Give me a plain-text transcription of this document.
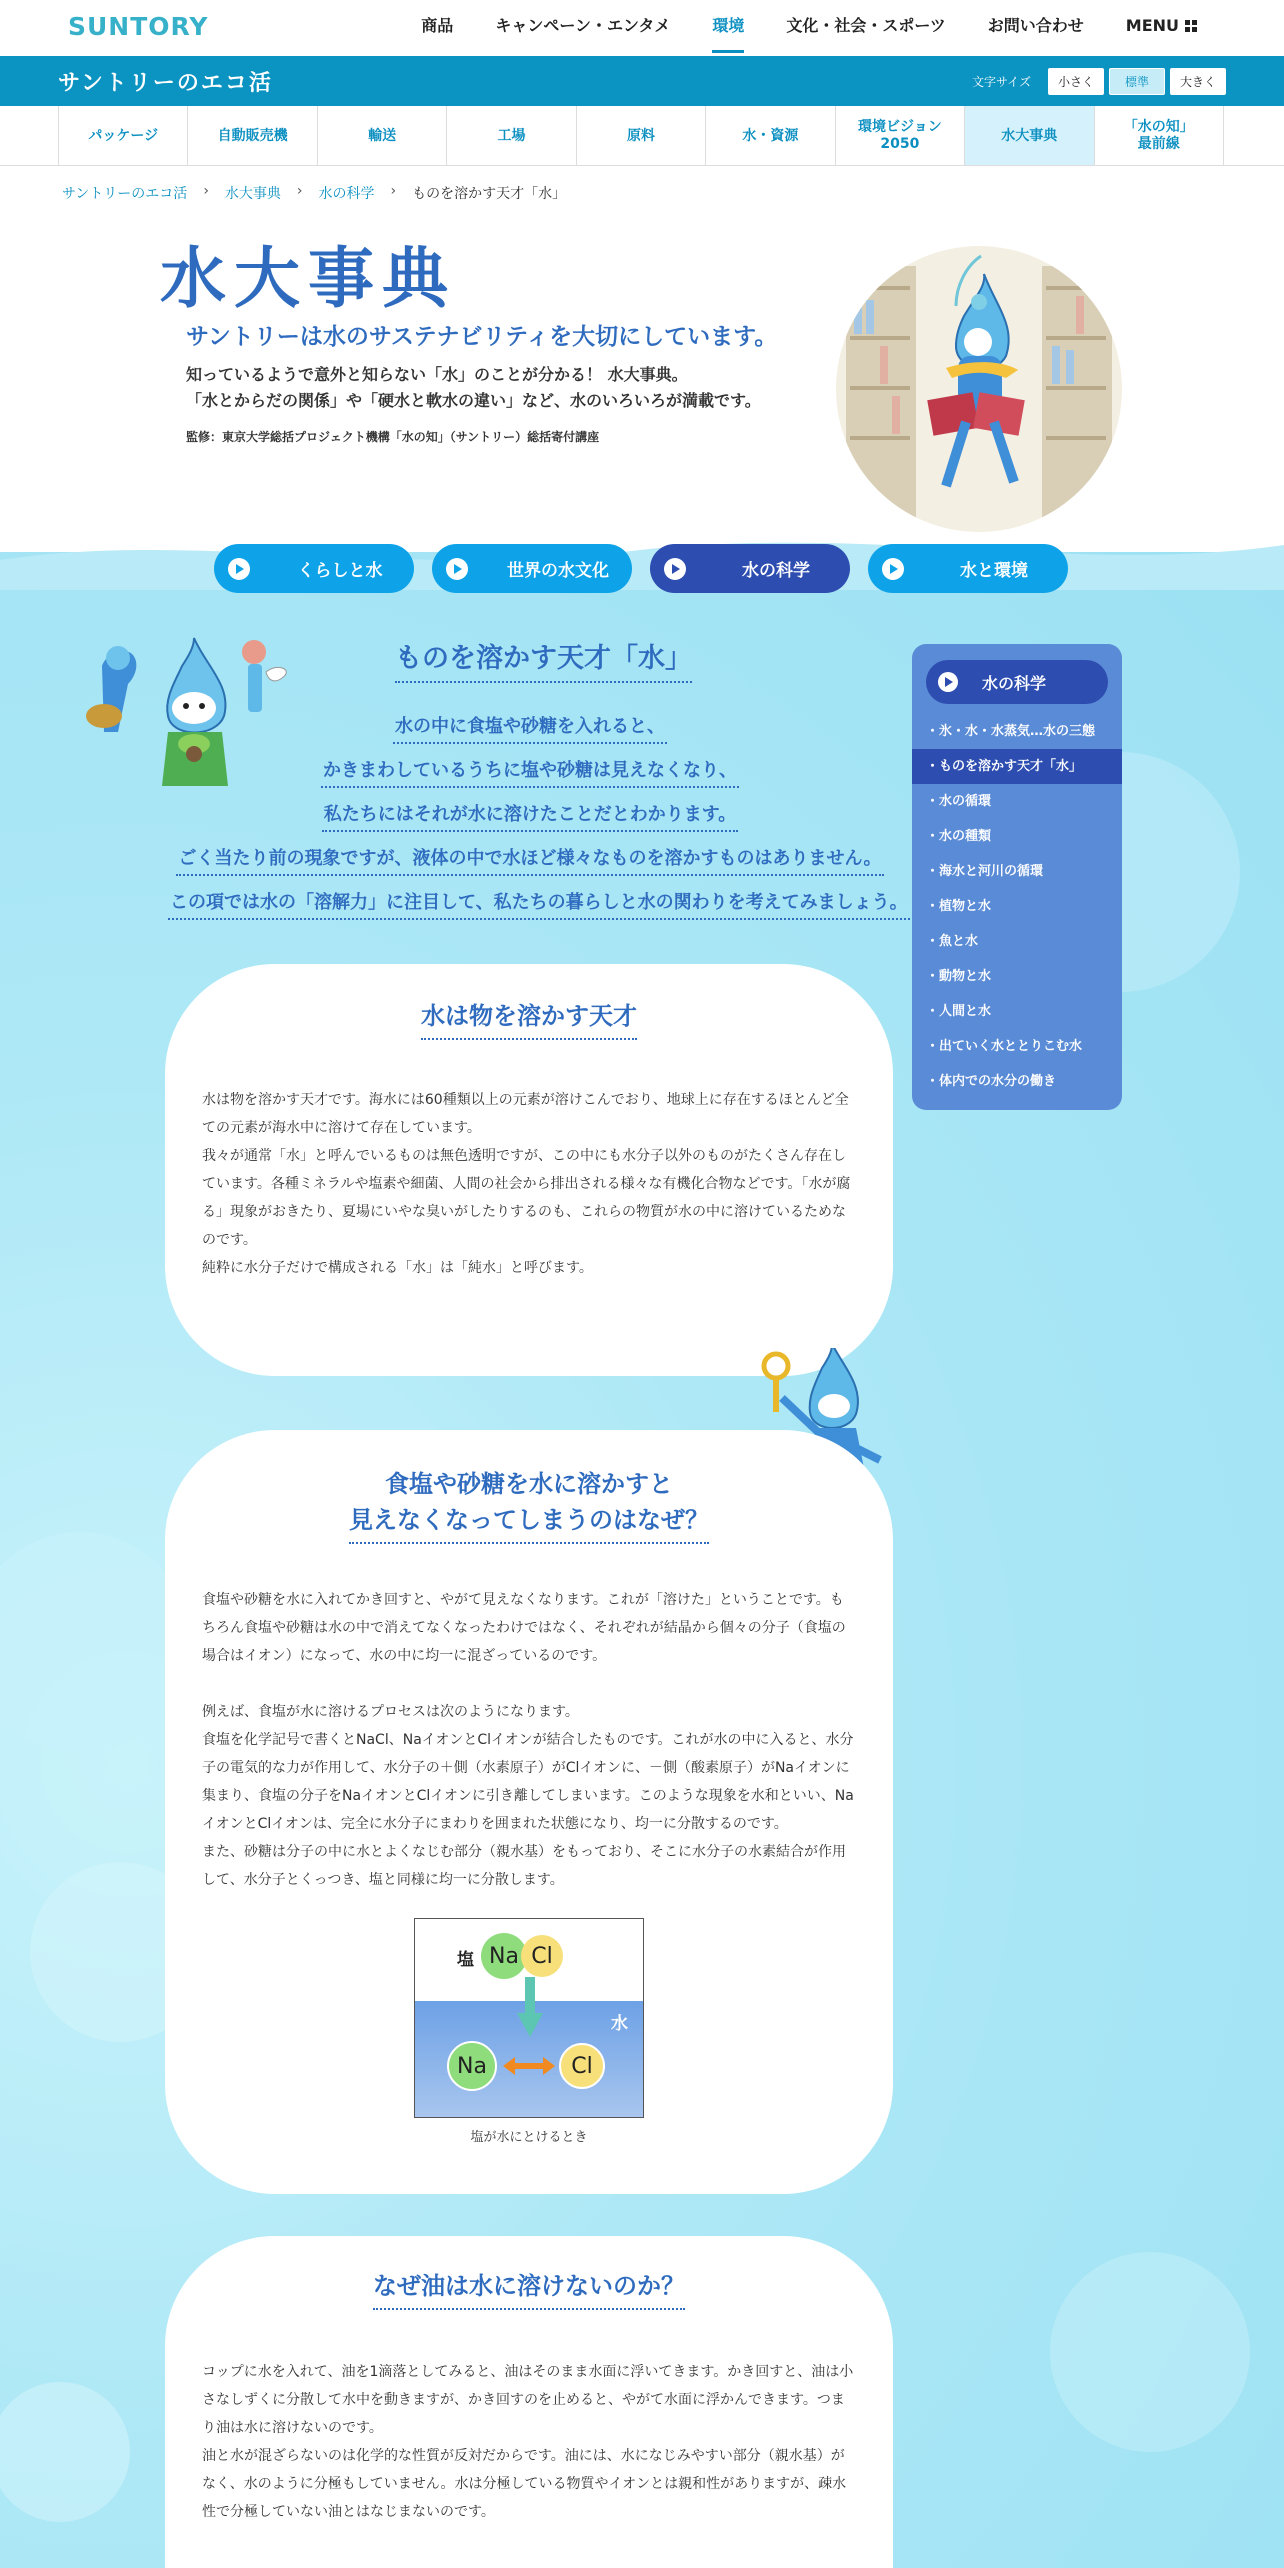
SUNTORY	商品	キャンペーン・エンタメ	環境	文化・社会・スポーツ	お問い合わせ	MENU
サントリーのエコ活	文字サイズ	小さく	標準	大きく
パッケージ	自動販売機	輸送	工場	原料	水・資源
環境ビジョン
2050
水大事典
「水の知」
最前線
サントリーのエコ活 › 水大事典 › 水の科学 › ものを溶かす天才「水」
水大事典
サントリーは水のサステナビリティを大切にしています。
知っているようで意外と知らない「水」のことが分かる！ 水大事典。
「水とからだの関係」や「硬水と軟水の違い」など、水のいろいろが満載です。
監修：東京大学総括プロジェクト機構「水の知」（サントリー）総括寄付講座
くらしと水	世界の水文化	水の科学	水と環境
ものを溶かす天才「水」
水の中に食塩や砂糖を入れると、
かきまわしているうちに塩や砂糖は見えなくなり、
私たちにはそれが水に溶けたことだとわかります。
ごく当たり前の現象ですが、液体の中で水ほど様々なものを溶かすものはありません。
この項では水の「溶解力」に注目して、私たちの暮らしと水の関わりを考えてみましょう。
水の科学
・氷・水・水蒸気…水の三態
・ものを溶かす天才「水」
・水の循環
・水の種類
・海水と河川の循環
・植物と水
・魚と水
・動物と水
・人間と水
・出ていく水ととりこむ水
・体内での水分の働き
水は物を溶かす天才

水は物を溶かす天才です。海水には60種類以上の元素が溶けこんでおり、地球上に存在するほとんど全ての元素が海水中に溶けて存在しています。
我々が通常「水」と呼んでいるものは無色透明ですが、この中にも水分子以外のものがたくさん存在しています。各種ミネラルや塩素や細菌、人間の社会から排出される様々な有機化合物などです。「水が腐る」現象がおきたり、夏場にいやな臭いがしたりするのも、これらの物質が水の中に溶けているためなのです。
純粋に水分子だけで構成される「水」は「純水」と呼びます。

食塩や砂糖を水に溶かすと
見えなくなってしまうのはなぜ？

食塩や砂糖を水に入れてかき回すと、やがて見えなくなります。これが「溶けた」ということです。もちろん食塩や砂糖は水の中で消えてなくなったわけではなく、それぞれが結晶から個々の分子（食塩の場合はイオン）になって、水の中に均一に混ざっているのです。

例えば、食塩が水に溶けるプロセスは次のようになります。
食塩を化学記号で書くとNaCl、NaイオンとClイオンが結合したものです。これが水の中に入ると、水分子の電気的な力が作用して、水分子の＋側（水素原子）がClイオンに、－側（酸素原子）がNaイオンに集まり、食塩の分子をNaイオンとClイオンに引き離してしまいます。このような現象を水和といい、NaイオンとClイオンは、完全に水分子にまわりを囲まれた状態になり、均一に分散するのです。
また、砂糖は分子の中に水とよくなじむ部分（親水基）をもっており、そこに水分子の水素結合が作用して、水分子とくっつき、塩と同様に均一に分散します。

塩
水
Na Cl
Na	Cl
塩が水にとけるとき
なぜ油は水に溶けないのか？

コップに水を入れて、油を1滴落としてみると、油はそのまま水面に浮いてきます。かき回すと、油は小さなしずくに分散して水中を動きますが、かき回すのを止めると、やがて水面に浮かんできます。つまり油は水に溶けないのです。
油と水が混ざらないのは化学的な性質が反対だからです。油には、水になじみやすい部分（親水基）がなく、水のように分極もしていません。水は分極している物質やイオンとは親和性がありますが、疎水性で分極していない油とはなじまないのです。
